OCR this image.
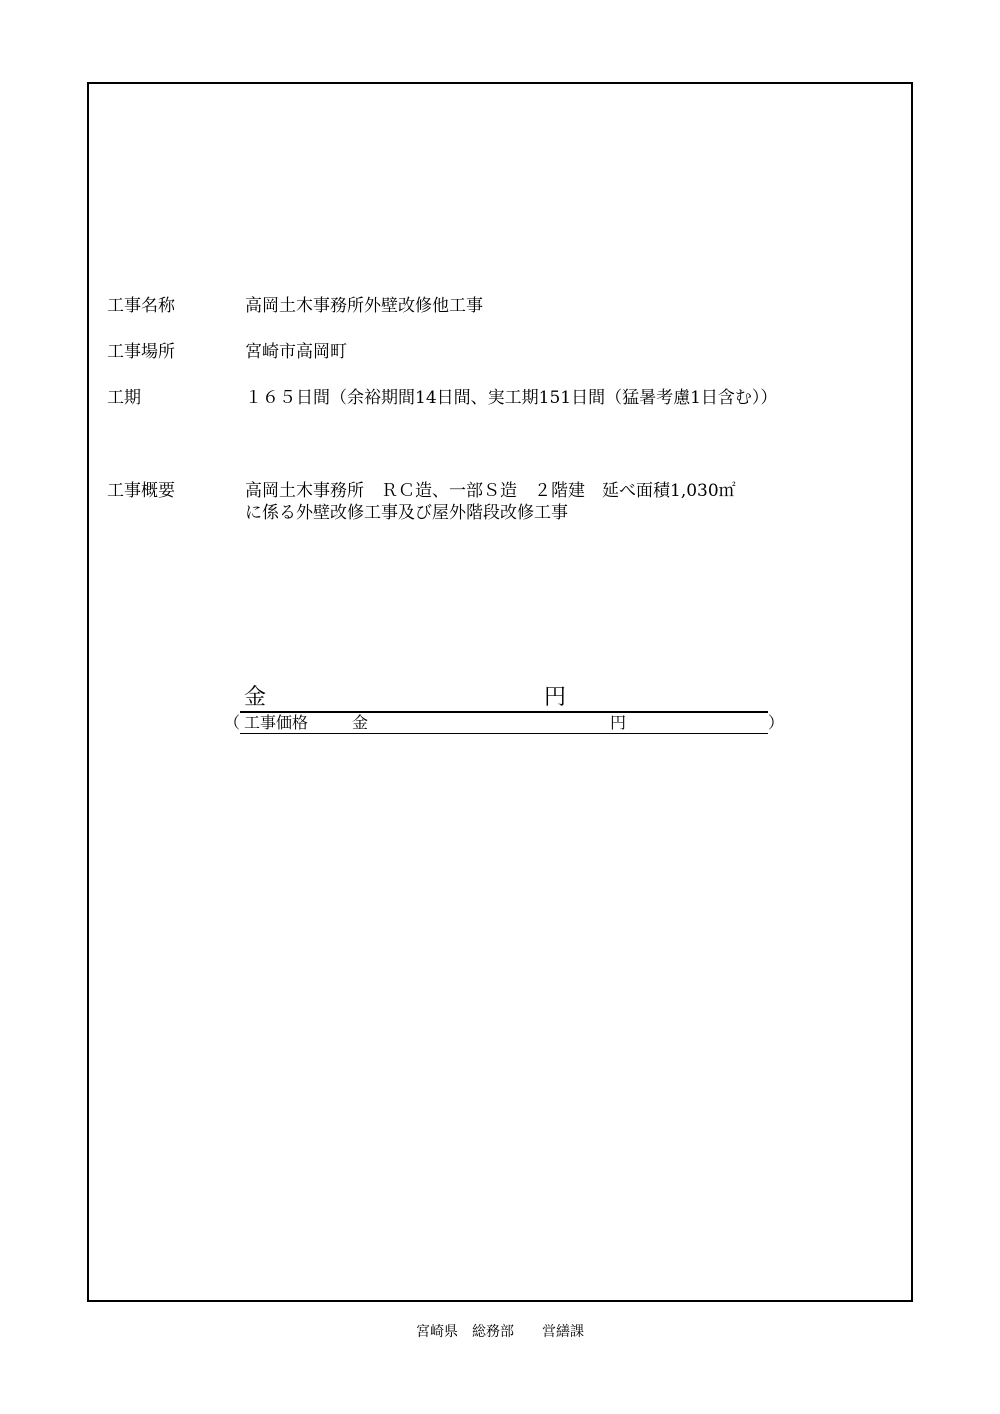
工事名称	高岡土木事務所外壁改修他工事
工事場所	宮崎市高岡町
工期	１６５日間（余裕期間14日間、実工期151日間（猛暑考慮1日含む））
工事概要	高岡土木事務所　ＲＣ造、一部Ｓ造　２階建　延べ面積1,030㎡
に係る外壁改修工事及び屋外階段改修工事
金	円
（ 工事価格	金	円	）
宮崎県　総務部　　営繕課
